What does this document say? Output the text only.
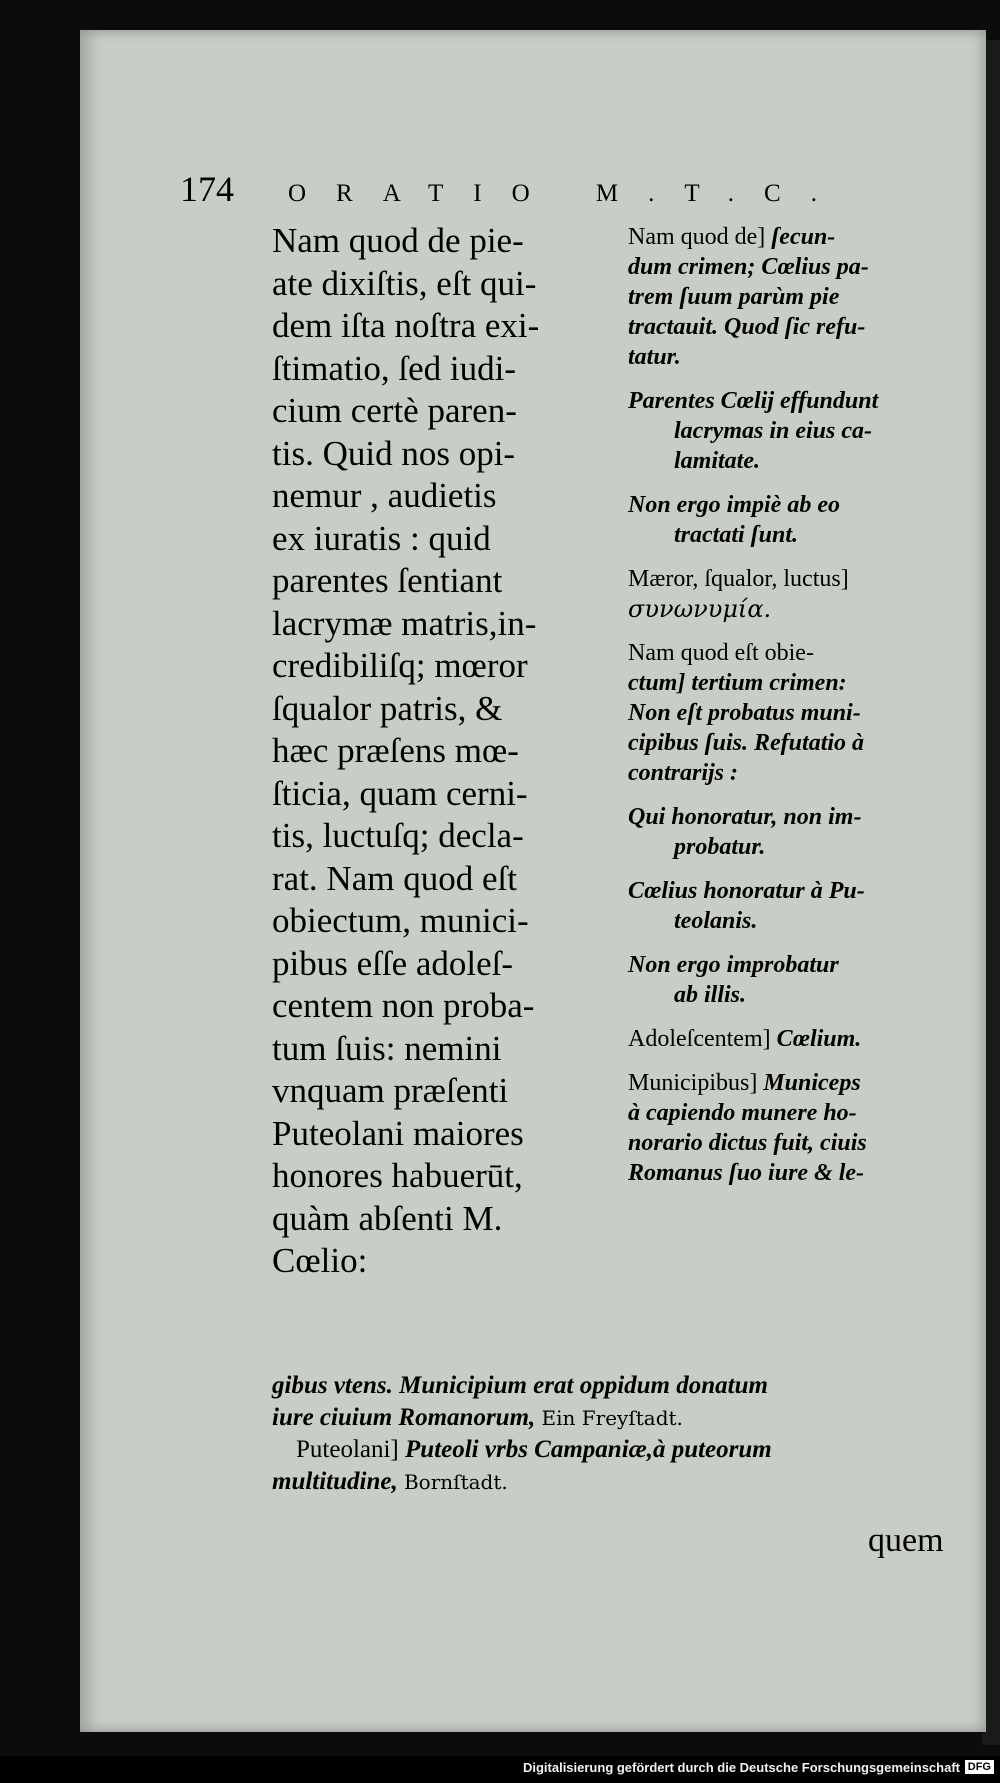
174	ORATIO M.T.C.
Nam quod de pie-
ate dixiſtis, eſt qui-
dem iſta noſtra exi-
ſtimatio, ſed iudi-
cium certè paren-
tis. Quid nos opi-
nemur , audietis
ex iuratis : quid
parentes ſentiant
lacrymæ matris,in-
credibiliſq; mœror
ſqualor patris, &
hæc præſens mœ-
ſticia, quam cerni-
tis, luctuſq; decla-
rat. Nam quod eſt
obiectum, munici-
pibus eſſe adoleſ-
centem non proba-
tum ſuis: nemini
vnquam præſenti
Puteolani maiores
honores habuerūt,
quàm abſenti M.
Cœlio:
Nam quod de] ſecun-
dum crimen; Cœlius pa-
trem ſuum parùm pie
tractauit. Quod ſic refu-
tatur.
Parentes Cœlij effundunt
lacrymas in eius ca-
lamitate.
Non ergo impiè ab eo
tractati ſunt.
Mæror, ſqualor, luctus]
συνωνυμία.
Nam quod eſt obie-
ctum] tertium crimen:
Non eſt probatus muni-
cipibus ſuis. Refutatio à
contrarijs :
Qui honoratur, non im-
probatur.
Cœlius honoratur à Pu-
teolanis.
Non ergo improbatur
ab illis.
Adoleſcentem] Cœlium.
Municipibus] Municeps
à capiendo munere ho-
norario dictus fuit, ciuis
Romanus ſuo iure & le-
gibus vtens. Municipium erat oppidum donatum
iure ciuium Romanorum, Ein Freyſtadt.
Puteolani] Puteoli vrbs Campaniæ,à puteorum
multitudine, Bornſtadt.
quem
Digitalisierung gefördert durch die Deutsche Forschungsgemeinschaft DFG
